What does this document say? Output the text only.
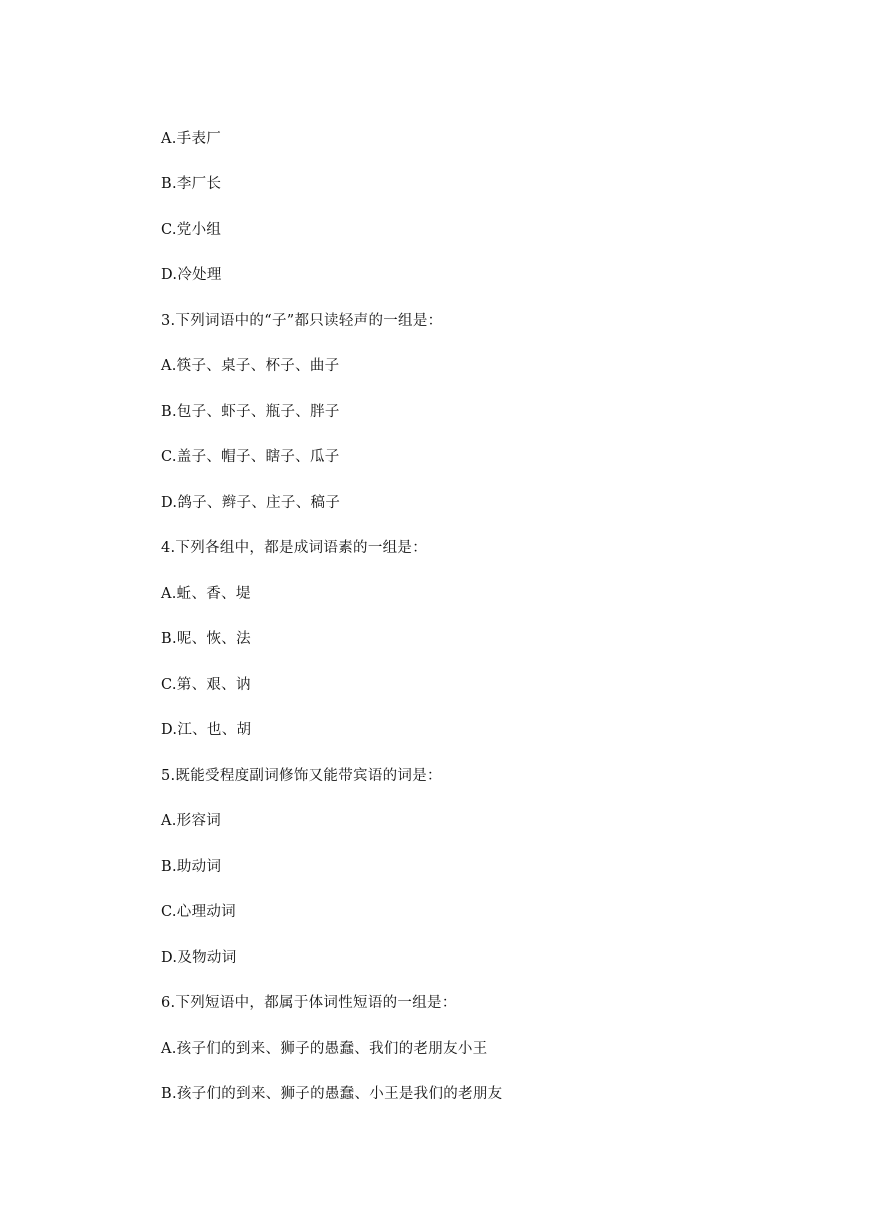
A.手表厂
B.李厂长
C.党小组
D.冷处理
3.下列词语中的“子”都只读轻声的一组是：
A.筷子、桌子、杯子、曲子
B.包子、虾子、瓶子、胖子
C.盖子、帽子、瞎子、瓜子
D.鸽子、辫子、庄子、稿子
4.下列各组中，都是成词语素的一组是：
A.蚯、香、堤
B.呢、恢、法
C.第、艰、讷
D.江、也、胡
5.既能受程度副词修饰又能带宾语的词是：
A.形容词
B.助动词
C.心理动词
D.及物动词
6.下列短语中，都属于体词性短语的一组是：
A.孩子们的到来、狮子的愚蠢、我们的老朋友小王
B.孩子们的到来、狮子的愚蠢、小王是我们的老朋友
